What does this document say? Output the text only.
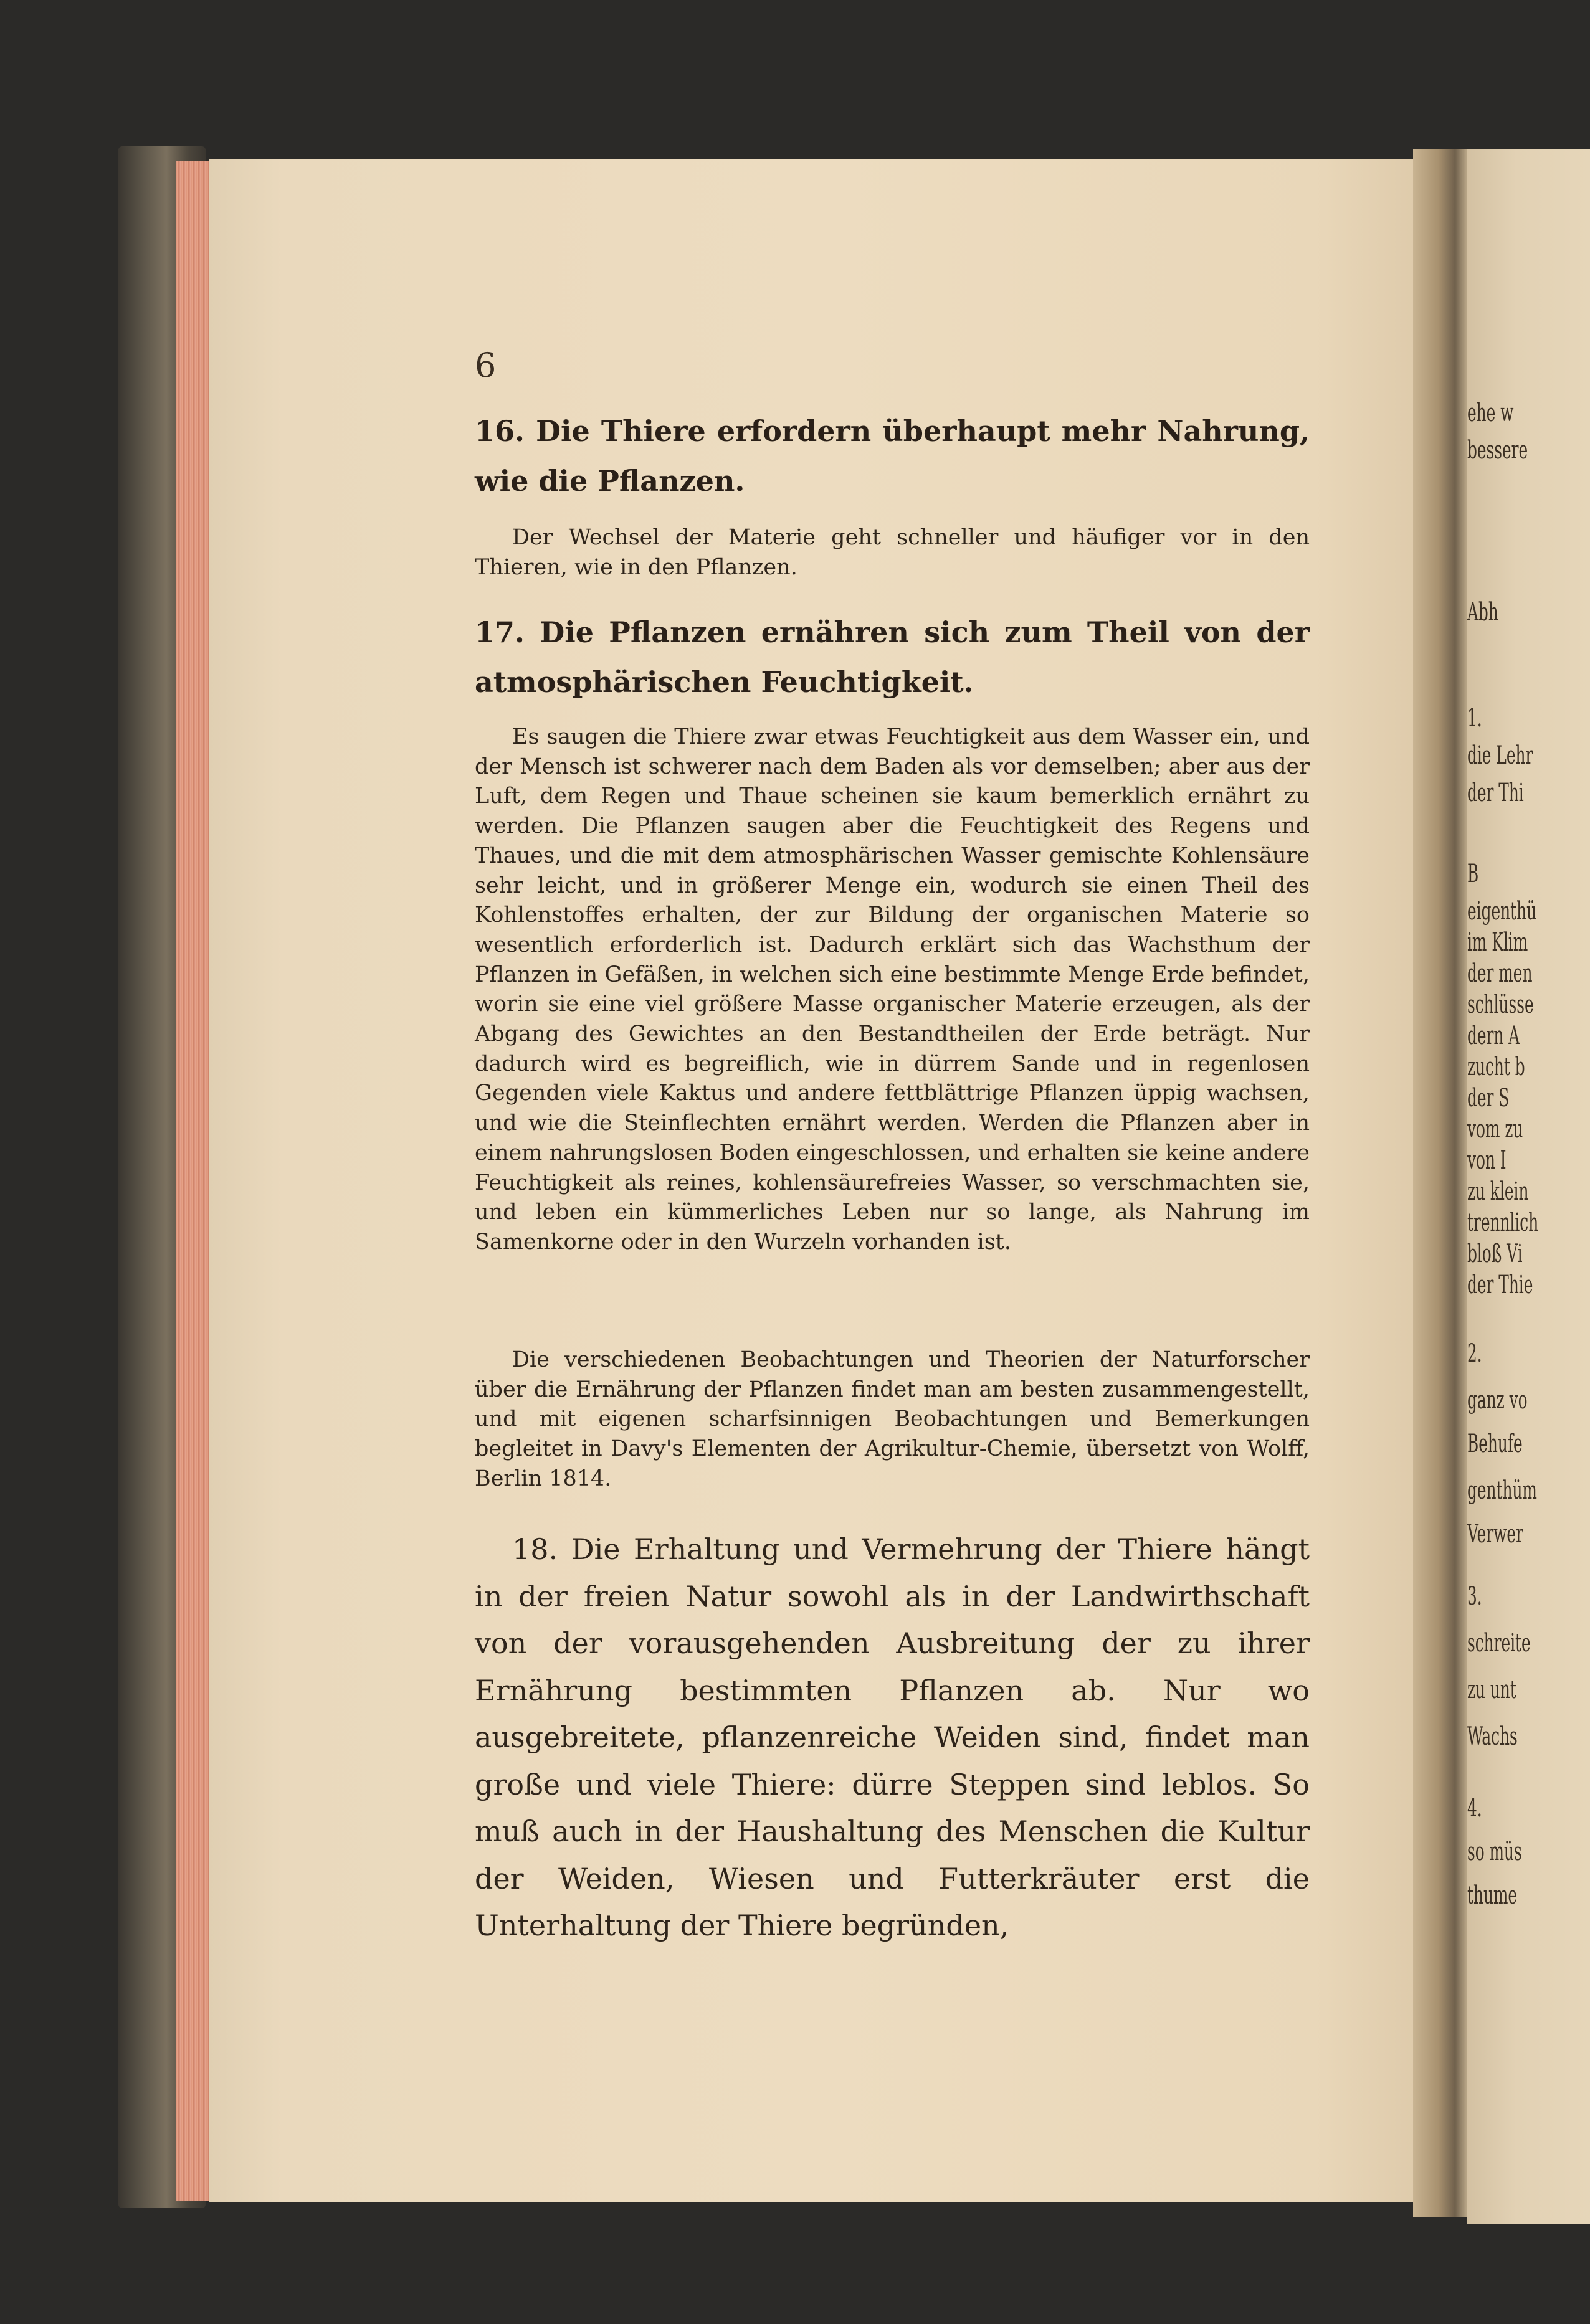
ehe w
bessere
Abh
1.
die Lehr
der Thi
B
eigenthü
im Klim
der men
schlüsse
dern A
zucht b
der S
vom zu
von I
zu klein
trennlich
bloß Vi
der Thie
2.
ganz vo
Behufe
genthüm
Verwer
3.
schreite
zu unt
Wachs
4.
so müs
thume

6

16. Die Thiere erfordern überhaupt mehr Nahrung, wie die Pflanzen.

Der Wechsel der Materie geht schneller und häufiger vor in den Thieren, wie in den Pflanzen.

17. Die Pflanzen ernähren sich zum Theil von der atmosphärischen Feuchtigkeit.

Es saugen die Thiere zwar etwas Feuchtigkeit aus dem Wasser ein, und der Mensch ist schwerer nach dem Baden als vor demselben; aber aus der Luft, dem Regen und Thaue scheinen sie kaum bemerklich ernährt zu werden. Die Pflanzen saugen aber die Feuchtigkeit des Regens und Thaues, und die mit dem atmosphärischen Wasser gemischte Kohlensäure sehr leicht, und in größerer Menge ein, wodurch sie einen Theil des Kohlenstoffes erhalten, der zur Bildung der organischen Materie so wesentlich erforderlich ist. Dadurch erklärt sich das Wachsthum der Pflanzen in Gefäßen, in welchen sich eine bestimmte Menge Erde befindet, worin sie eine viel größere Masse organischer Materie erzeugen, als der Abgang des Gewichtes an den Bestandtheilen der Erde beträgt. Nur dadurch wird es begreiflich, wie in dürrem Sande und in regenlosen Gegenden viele Kaktus und andere fettblättrige Pflanzen üppig wachsen, und wie die Steinflechten ernährt werden. Werden die Pflanzen aber in einem nahrungslosen Boden eingeschlossen, und erhalten sie keine andere Feuchtigkeit als reines, kohlensäurefreies Wasser, so verschmachten sie, und leben ein kümmerliches Leben nur so lange, als Nahrung im Samenkorne oder in den Wurzeln vorhanden ist.

Die verschiedenen Beobachtungen und Theorien der Naturforscher über die Ernährung der Pflanzen findet man am besten zusammengestellt, und mit eigenen scharfsinnigen Beobachtungen und Bemerkungen begleitet in Davy's Elementen der Agrikultur-Chemie, übersetzt von Wolff, Berlin 1814.

18. Die Erhaltung und Vermehrung der Thiere hängt in der freien Natur sowohl als in der Landwirthschaft von der vorausgehenden Ausbreitung der zu ihrer Ernährung bestimmten Pflanzen ab. Nur wo ausgebreitete, pflanzenreiche Weiden sind, findet man große und viele Thiere: dürre Steppen sind leblos. So muß auch in der Haushaltung des Menschen die Kultur der Weiden, Wiesen und Futterkräuter erst die Unterhaltung der Thiere begründen,
